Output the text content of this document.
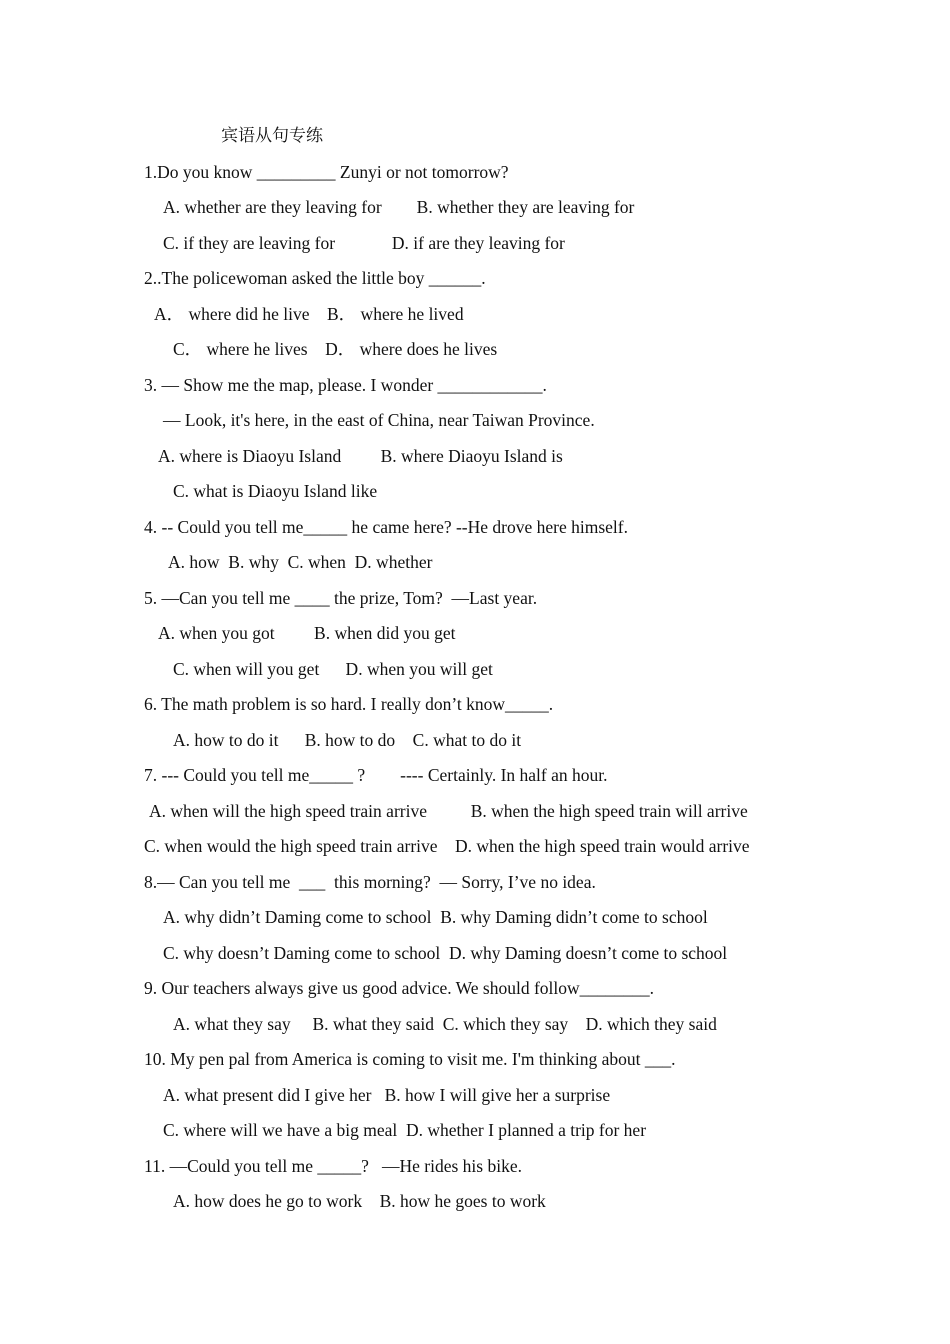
宾语从句专练
1.Do you know _________ Zunyi or not tomorrow?
A. whether are they leaving for        B. whether they are leaving for
C. if they are leaving for             D. if are they leaving for
2..The policewoman asked the little boy ______.
A． where did he live    B． where he lived
C． where he lives    D． where does he lives
3. — Show me the map, please. I wonder ____________.
— Look, it's here, in the east of China, near Taiwan Province.
A. where is Diaoyu Island         B. where Diaoyu Island is
C. what is Diaoyu Island like
4. -- Could you tell me_____ he came here? --He drove here himself.
A. how  B. why  C. when  D. whether
5. —Can you tell me ____ the prize, Tom?  —Last year.
A. when you got         B. when did you get
C. when will you get      D. when you will get
6. The math problem is so hard. I really don’t know_____.
A. how to do it      B. how to do    C. what to do it
7. --- Could you tell me_____ ?        ---- Certainly. In half an hour.
A. when will the high speed train arrive          B. when the high speed train will arrive
C. when would the high speed train arrive    D. when the high speed train would arrive
8.— Can you tell me  ___  this morning?  — Sorry, I’ve no idea.
A. why didn’t Daming come to school  B. why Daming didn’t come to school
C. why doesn’t Daming come to school  D. why Daming doesn’t come to school
9. Our teachers always give us good advice. We should follow________.
A. what they say     B. what they said  C. which they say    D. which they said
10. My pen pal from America is coming to visit me. I'm thinking about ___.
A. what present did I give her   B. how I will give her a surprise
C. where will we have a big meal  D. whether I planned a trip for her
11. —Could you tell me _____?   —He rides his bike.
A. how does he go to work    B. how he goes to work
